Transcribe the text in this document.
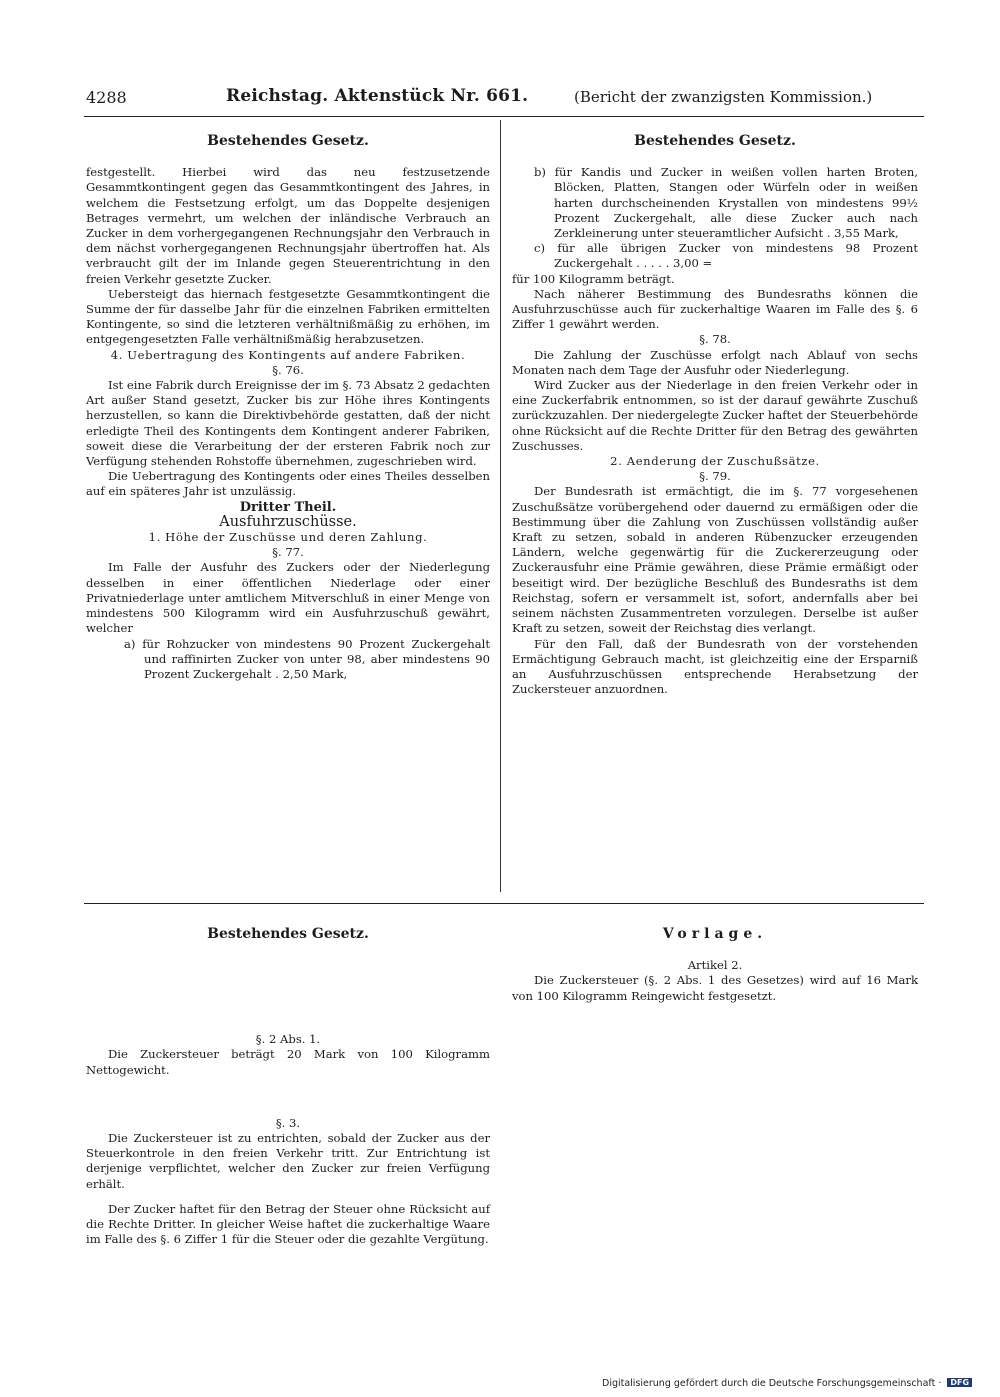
4288	Reichstag. Aktenstück Nr. 661.	(Bericht der zwanzigsten Kommission.)
Bestehendes Gesetz.

festgestellt. Hierbei wird das neu festzusetzende Gesammtkontingent gegen das Gesammtkontingent des Jahres, in welchem die Festsetzung erfolgt, um das Doppelte desjenigen Betrages vermehrt, um welchen der inländische Verbrauch an Zucker in dem vorhergegangenen Rechnungsjahr den Verbrauch in dem nächst vorhergegangenen Rechnungsjahr übertroffen hat. Als verbraucht gilt der im Inlande gegen Steuerentrichtung in den freien Verkehr gesetzte Zucker.

Uebersteigt das hiernach festgesetzte Gesammtkontingent die Summe der für dasselbe Jahr für die einzelnen Fabriken ermittelten Kontingente, so sind die letzteren verhältnißmäßig zu erhöhen, im entgegengesetzten Falle verhältnißmäßig herabzusetzen.

4. Uebertragung des Kontingents auf andere Fabriken.

§. 76.

Ist eine Fabrik durch Ereignisse der im §. 73 Absatz 2 gedachten Art außer Stand gesetzt, Zucker bis zur Höhe ihres Kontingents herzustellen, so kann die Direktivbehörde gestatten, daß der nicht erledigte Theil des Kontingents dem Kontingent anderer Fabriken, soweit diese die Verarbeitung der der ersteren Fabrik noch zur Verfügung stehenden Rohstoffe übernehmen, zugeschrieben wird.

Die Uebertragung des Kontingents oder eines Theiles desselben auf ein späteres Jahr ist unzulässig.

Dritter Theil.

Ausfuhrzuschüsse.

1. Höhe der Zuschüsse und deren Zahlung.

§. 77.

Im Falle der Ausfuhr des Zuckers oder der Niederlegung desselben in einer öffentlichen Niederlage oder einer Privatniederlage unter amtlichem Mitverschluß in einer Menge von mindestens 500 Kilogramm wird ein Ausfuhrzuschuß gewährt, welcher

a) für Rohzucker von mindestens 90 Prozent Zuckergehalt und raffinirten Zucker von unter 98, aber mindestens 90 Prozent Zuckergehalt . 2,50 Mark,

Bestehendes Gesetz.

b) für Kandis und Zucker in weißen vollen harten Broten, Blöcken, Platten, Stangen oder Würfeln oder in weißen harten durchscheinenden Krystallen von mindestens 99½ Prozent Zuckergehalt, alle diese Zucker auch nach Zerkleinerung unter steueramtlicher Aufsicht . 3,55 Mark,

c) für alle übrigen Zucker von mindestens 98 Prozent Zuckergehalt . . . . . 3,00 =

für 100 Kilogramm beträgt.

Nach näherer Bestimmung des Bundesraths können die Ausfuhrzuschüsse auch für zuckerhaltige Waaren im Falle des §. 6 Ziffer 1 gewährt werden.

§. 78.

Die Zahlung der Zuschüsse erfolgt nach Ablauf von sechs Monaten nach dem Tage der Ausfuhr oder Niederlegung.

Wird Zucker aus der Niederlage in den freien Verkehr oder in eine Zuckerfabrik entnommen, so ist der darauf gewährte Zuschuß zurückzuzahlen. Der niedergelegte Zucker haftet der Steuerbehörde ohne Rücksicht auf die Rechte Dritter für den Betrag des gewährten Zuschusses.

2. Aenderung der Zuschußsätze.

§. 79.

Der Bundesrath ist ermächtigt, die im §. 77 vorgesehenen Zuschußsätze vorübergehend oder dauernd zu ermäßigen oder die Bestimmung über die Zahlung von Zuschüssen vollständig außer Kraft zu setzen, sobald in anderen Rübenzucker erzeugenden Ländern, welche gegenwärtig für die Zuckererzeugung oder Zuckerausfuhr eine Prämie gewähren, diese Prämie ermäßigt oder beseitigt wird. Der bezügliche Beschluß des Bundesraths ist dem Reichstag, sofern er versammelt ist, sofort, andernfalls aber bei seinem nächsten Zusammentreten vorzulegen. Derselbe ist außer Kraft zu setzen, soweit der Reichstag dies verlangt.

Für den Fall, daß der Bundesrath von der vorstehenden Ermächtigung Gebrauch macht, ist gleichzeitig eine der Ersparniß an Ausfuhrzuschüssen entsprechende Herabsetzung der Zuckersteuer anzuordnen.

Bestehendes Gesetz.

§. 2 Abs. 1.

Die Zuckersteuer beträgt 20 Mark von 100 Kilogramm Nettogewicht.

§. 3.

Die Zuckersteuer ist zu entrichten, sobald der Zucker aus der Steuerkontrole in den freien Verkehr tritt. Zur Entrichtung ist derjenige verpflichtet, welcher den Zucker zur freien Verfügung erhält.

Der Zucker haftet für den Betrag der Steuer ohne Rücksicht auf die Rechte Dritter. In gleicher Weise haftet die zuckerhaltige Waare im Falle des §. 6 Ziffer 1 für die Steuer oder die gezahlte Vergütung.

Vorlage.

Artikel 2.

Die Zuckersteuer (§. 2 Abs. 1 des Gesetzes) wird auf 16 Mark von 100 Kilogramm Reingewicht festgesetzt.

Digitalisierung gefördert durch die Deutsche Forschungsgemeinschaft · DFG
